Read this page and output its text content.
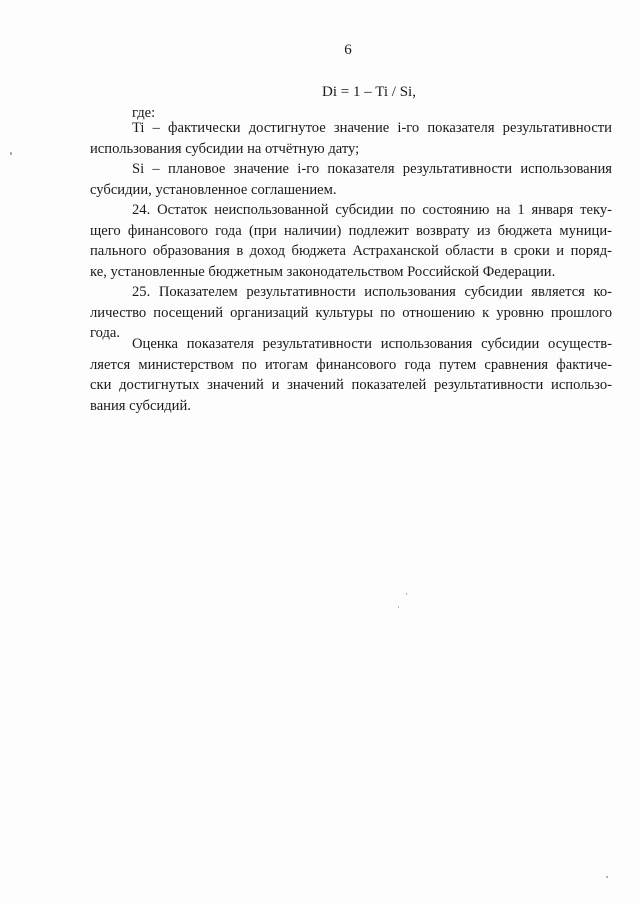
6
Di = 1 – Ti / Si,
где:
Ti – фактически достигнутое значение i-го показателя результативности
использования субсидии на отчётную дату;
Si – плановое значение i-го показателя результативности использования
субсидии, установленное соглашением.
24. Остаток неиспользованной субсидии по состоянию на 1 января теку-
щего финансового года (при наличии) подлежит возврату из бюджета муници-
пального образования в доход бюджета Астраханской области в сроки и поряд-
ке, установленные бюджетным законодательством Российской Федерации.
25. Показателем результативности использования субсидии является ко-
личество посещений организаций культуры по отношению к уровню прошлого
года.
Оценка показателя результативности использования субсидии осуществ-
ляется министерством по итогам финансового года путем сравнения фактиче-
ски достигнутых значений и значений показателей результативности использо-
вания субсидий.
